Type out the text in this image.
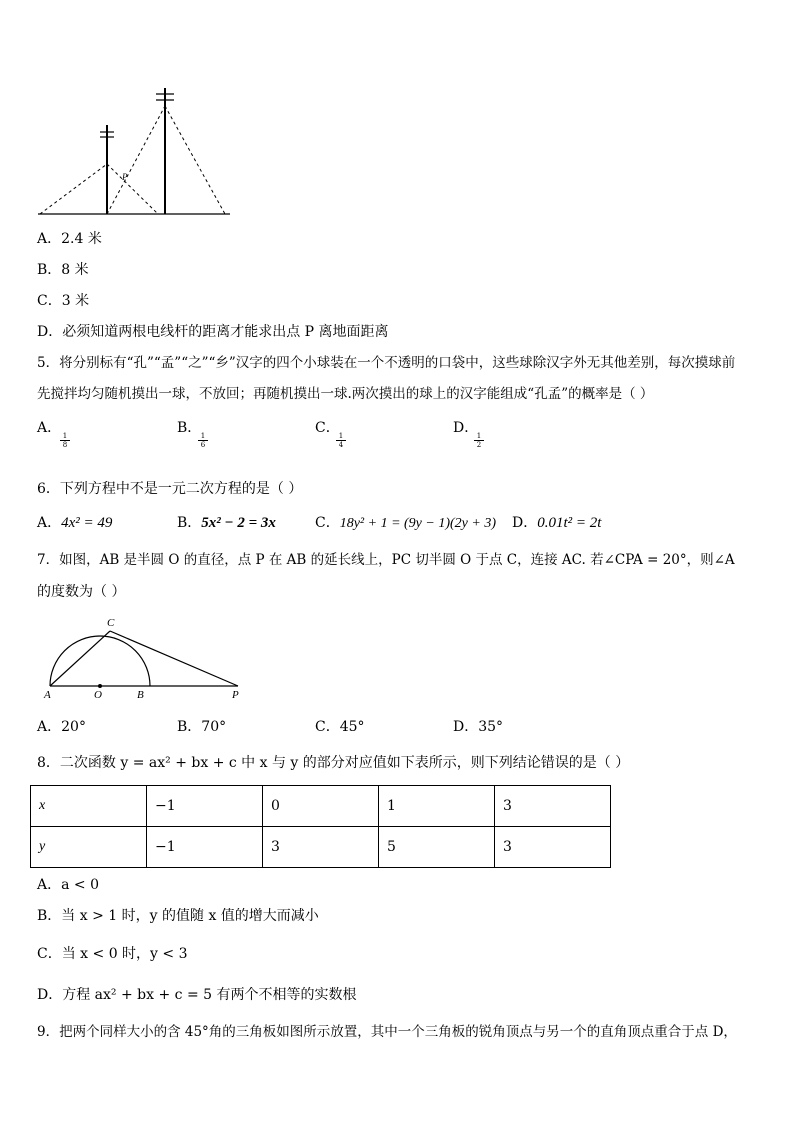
P
A．2.4 米
B．8 米
C．3 米
D．必须知道两根电线杆的距离才能求出点 P 离地面距离
5．将分别标有“孔”“孟”“之”“乡”汉字的四个小球装在一个不透明的口袋中，这些球除汉字外无其他差别，每次摸球前
先搅拌均匀随机摸出一球，不放回；再随机摸出一球.两次摸出的球上的汉字能组成“孔孟”的概率是（ ）
A．
$\frac{1}{8}$
B．
$\frac{1}{6}$
C．
$\frac{1}{4}$
D．
$\frac{1}{2}$
6．下列方程中不是一元二次方程的是（ ）
A．4x² = 49	B．5x² − 2 = 3x	C．18y² + 1 = (9y − 1)(2y + 3) D．0.01t² = 2t
7．如图，AB 是半圆 O 的直径，点 P 在 AB 的延长线上，PC 切半圆 O 于点 C，连接 AC. 若∠CPA = 20°，则∠A
的度数为（ ）
A	O	B	P
C
A．20°	B．70°	C．45°	D．35°
8．二次函数 y = ax² + bx + c 中 x 与 y 的部分对应值如下表所示，则下列结论错误的是（ ）
x	−1	0	1	3
y	−1	3	5	3
A．a < 0
B．当 x > 1 时，y 的值随 x 值的增大而减小
C．当 x < 0 时，y < 3
D．方程 ax² + bx + c = 5 有两个不相等的实数根
9．把两个同样大小的含 45°角的三角板如图所示放置，其中一个三角板的锐角顶点与另一个的直角顶点重合于点 D，
